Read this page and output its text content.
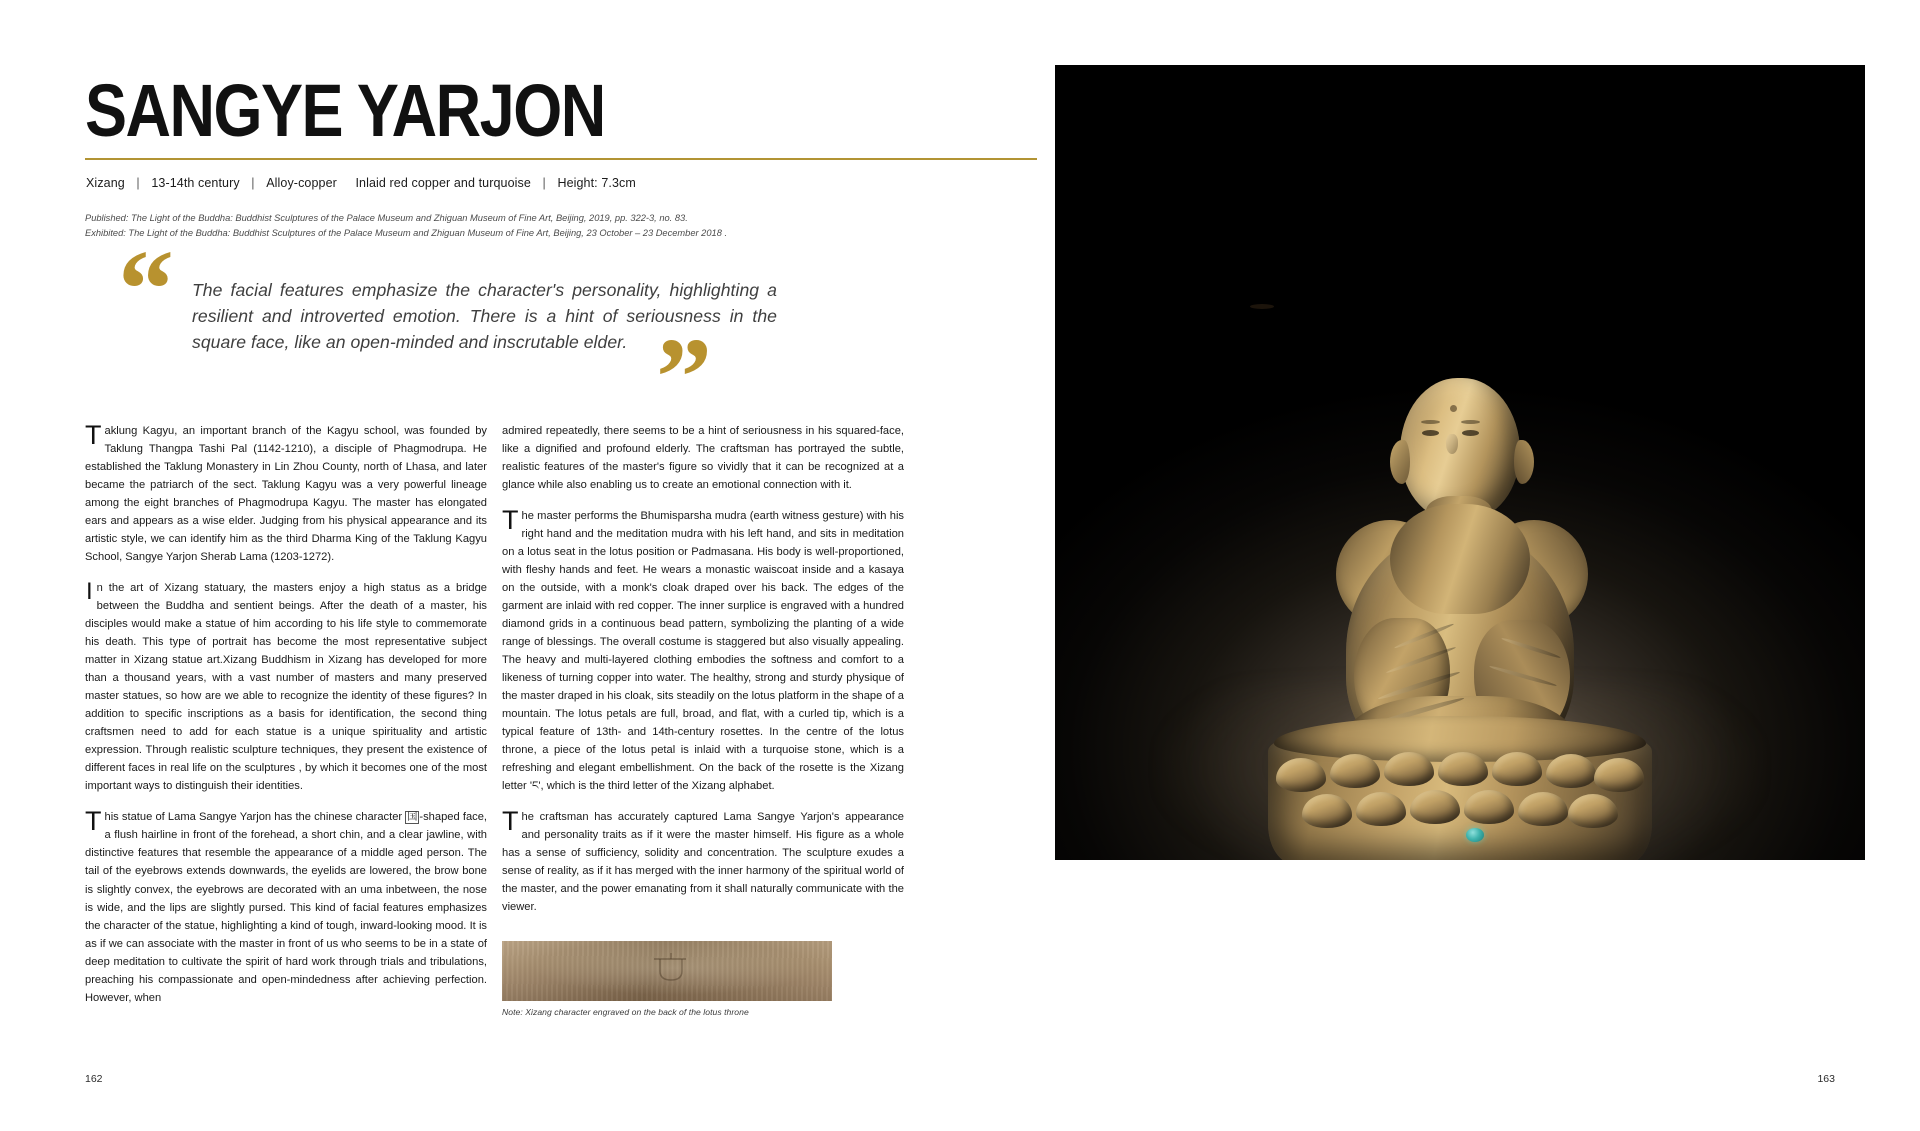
SANGYE YARJON
Xizang | 13-14th century | Alloy-copper Inlaid red copper and turquoise | Height: 7.3cm
Published: The Light of the Buddha: Buddhist Sculptures of the Palace Museum and Zhiguan Museum of Fine Art, Beijing, 2019, pp. 322-3, no. 83.
Exhibited: The Light of the Buddha: Buddhist Sculptures of the Palace Museum and Zhiguan Museum of Fine Art, Beijing, 23 October – 23 December 2018 .
“ The facial features emphasize the character's personality, highlighting a resilient and introverted emotion. There is a hint of seriousness in the square face, like an open-minded and inscrutable elder. ”

Taklung Kagyu, an important branch of the Kagyu school, was founded by Taklung Thangpa Tashi Pal (1142-1210), a disciple of Phagmodrupa. He established the Taklung Monastery in Lin Zhou County, north of Lhasa, and later became the patriarch of the sect. Taklung Kagyu was a very powerful lineage among the eight branches of Phagmodrupa Kagyu. The master has elongated ears and appears as a wise elder. Judging from his physical appearance and its artistic style, we can identify him as the third Dharma King of the Taklung Kagyu School, Sangye Yarjon Sherab Lama (1203-1272).

In the art of Xizang statuary, the masters enjoy a high status as a bridge between the Buddha and sentient beings. After the death of a master, his disciples would make a statue of him according to his life style to commemorate his death. This type of portrait has become the most representative subject matter in Xizang statue art.Xizang Buddhism in Xizang has developed for more than a thousand years, with a vast number of masters and many preserved master statues, so how are we able to recognize the identity of these figures? In addition to specific inscriptions as a basis for identification, the second thing craftsmen need to add for each statue is a unique spirituality and artistic expression. Through realistic sculpture techniques, they present the existence of different faces in real life on the sculptures , by which it becomes one of the most important ways to distinguish their identities.

This statue of Lama Sangye Yarjon has the chinese character 国 -shaped face, a flush hairline in front of the forehead, a short chin, and a clear jawline, with distinctive features that resemble the appearance of a middle aged person. The tail of the eyebrows extends downwards, the eyelids are lowered, the brow bone is slightly convex, the eyebrows are decorated with an uma inbetween, the nose is wide, and the lips are slightly pursed. This kind of facial features emphasizes the character of the statue, highlighting a kind of tough, inward-looking mood. It is as if we can associate with the master in front of us who seems to be in a state of deep meditation to cultivate the spirit of hard work through trials and tribulations, preaching his compassionate and open-mindedness after achieving perfection. However, when

admired repeatedly, there seems to be a hint of seriousness in his squared-face, like a dignified and profound elderly. The craftsman has portrayed the subtle, realistic features of the master's figure so vividly that it can be recognized at a glance while also enabling us to create an emotional connection with it.

The master performs the Bhumisparsha mudra (earth witness gesture) with his right hand and the meditation mudra with his left hand, and sits in meditation on a lotus seat in the lotus position or Padmasana. His body is well-proportioned, with fleshy hands and feet. He wears a monastic waiscoat inside and a kasaya on the outside, with a monk's cloak draped over his back. The edges of the garment are inlaid with red copper. The inner surplice is engraved with a hundred diamond grids in a continuous bead pattern, symbolizing the planting of a wide range of blessings. The overall costume is staggered but also visually appealing. The heavy and multi-layered clothing embodies the softness and comfort to a likeness of turning copper into water. The healthy, strong and sturdy physique of the master draped in his cloak, sits steadily on the lotus platform in the shape of a mountain. The lotus petals are full, broad, and flat, with a curled tip, which is a typical feature of 13th- and 14th-century rosettes. In the centre of the lotus throne, a piece of the lotus petal is inlaid with a turquoise stone, which is a refreshing and elegant embellishment. On the back of the rosette is the Xizang letter 'ང', which is the third letter of the Xizang alphabet.

The craftsman has accurately captured Lama Sangye Yarjon's appearance and personality traits as if it were the master himself. His figure as a whole has a sense of sufficiency, solidity and concentration. The sculpture exudes a sense of reality, as if it has merged with the inner harmony of the spiritual world of the master, and the power emanating from it shall naturally communicate with the viewer.

Note: Xizang character engraved on the back of the lotus throne
162	163
